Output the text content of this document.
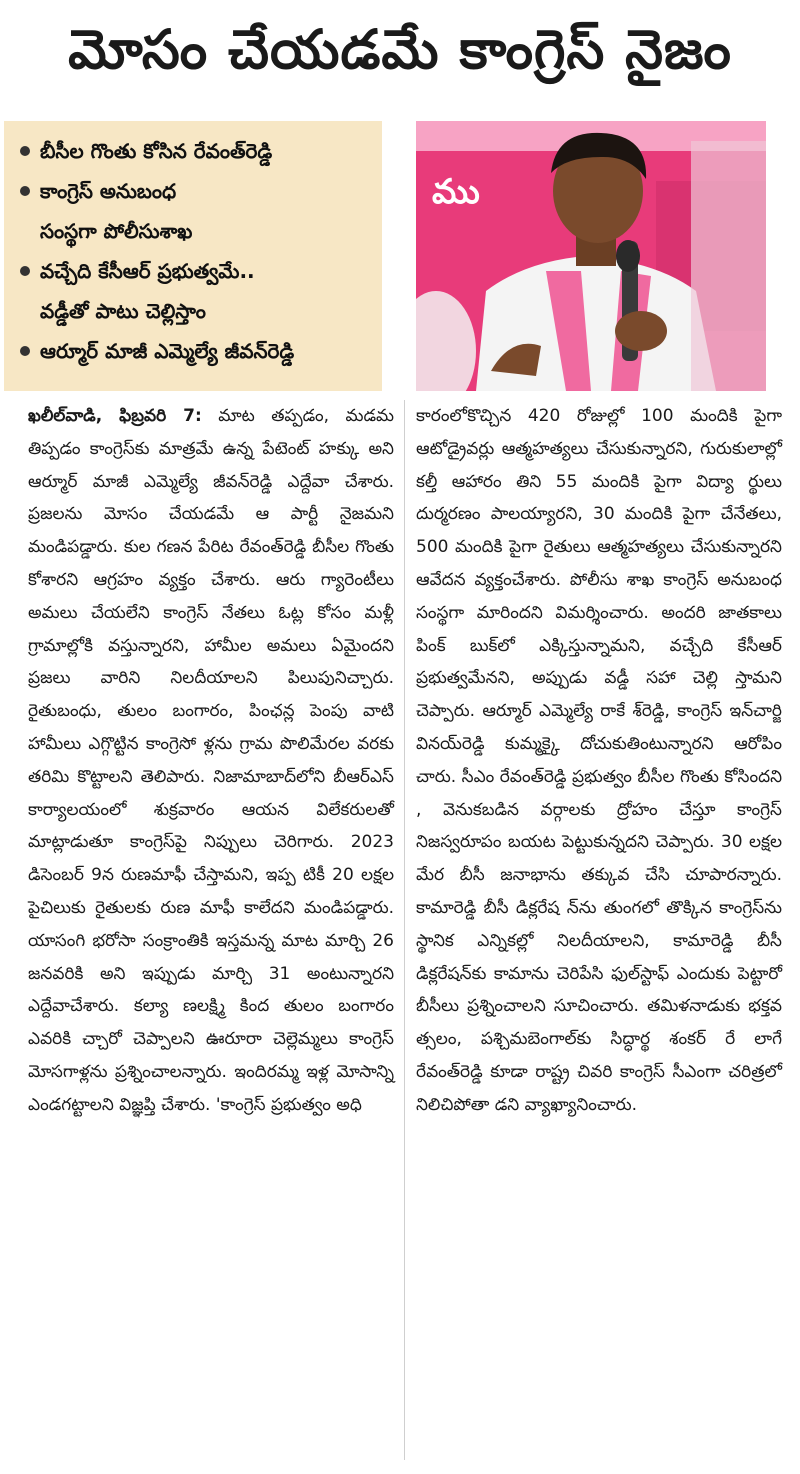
మోసం చేయడమే కాంగ్రెస్ నైజం
బీసీల గొంతు కోసిన రేవంత్‌రెడ్డి
కాంగ్రెస్ అనుబంధ
సంస్థగా పోలీసుశాఖ
వచ్చేది కేసీఆర్ ప్రభుత్వమే..
వడ్డీతో పాటు చెల్లిస్తాం
ఆర్మూర్ మాజీ ఎమ్మెల్యే జీవన్‌రెడ్డి
ము
ఖలీల్‌వాడి, ఫిబ్రవరి 7: మాట తప్పడం, మడమ తిప్పడం కాంగ్రెస్‌కు మాత్రమే ఉన్న పేటెంట్ హక్కు అని ఆర్మూర్ మాజీ ఎమ్మెల్యే జీవన్‌రెడ్డి ఎద్దేవా చేశారు. ప్రజలను మోసం చేయడమే ఆ పార్టీ నైజమని మండిపడ్డారు. కుల గణన పేరిట రేవంత్‌రెడ్డి బీసీల గొంతు కోశారని ఆగ్రహం వ్యక్తం చేశారు. ఆరు గ్యారెంటీలు అమలు చేయలేని కాంగ్రెస్ నేతలు ఓట్ల కోసం మళ్లీ గ్రామాల్లోకి వస్తున్నారని, హామీల అమలు ఏమైందని ప్రజలు వారిని నిలదీయాలని పిలుపునిచ్చారు. రైతుబంధు, తులం బంగారం, పింఛన్ల పెంపు వాటి హామీలు ఎగ్గొట్టిన కాంగ్రెసో ళ్లను గ్రామ పొలిమేరల వరకు తరిమి కొట్టాలని తెలిపారు. నిజామాబాద్‌లోని బీఆర్‌ఎస్ కార్యాలయంలో శుక్రవారం ఆయన విలేకరులతో మాట్లాడుతూ కాంగ్రెస్‌పై నిప్పులు చెరిగారు. 2023 డిసెంబర్ 9న రుణమాఫీ చేస్తామని, ఇప్ప టికీ 20 లక్షల పైచిలుకు రైతులకు రుణ మాఫీ కాలేదని మండిపడ్డారు. యాసంగి భరోసా సంక్రాంతికి ఇస్తమన్న మాట మార్చి 26 జనవరికి అని ఇప్పుడు మార్చి 31 అంటున్నారని ఎద్దేవాచేశారు. కల్యా ణలక్ష్మి కింద తులం బంగారం ఎవరికి చ్చారో చెప్పాలని ఊరూరా చెల్లెమ్మలు కాంగ్రెస్ మోసగాళ్లను ప్రశ్నించాలన్నారు. ఇందిరమ్మ ఇళ్ల మోసాన్ని ఎండగట్టాలని విజ్ఞప్తి చేశారు. 'కాంగ్రెస్ ప్రభుత్వం అధి
కారంలోకొచ్చిన 420 రోజుల్లో 100 మందికి పైగా ఆటోడ్రైవర్లు ఆత్మహత్యలు చేసుకున్నారని, గురుకులాల్లో కల్తీ ఆహారం తిని 55 మందికి పైగా విద్యా ర్థులు దుర్మరణం పాలయ్యారని, 30 మందికి పైగా చేనేతలు, 500 మందికి పైగా రైతులు ఆత్మహత్యలు చేసుకున్నారని ఆవేదన వ్యక్తంచేశారు. పోలీసు శాఖ కాంగ్రెస్ అనుబంధ సంస్థగా మారిందని విమర్శించారు. అందరి జాతకాలు పింక్ బుక్‌లో ఎక్కిస్తున్నామని, వచ్చేది కేసీఆర్ ప్రభుత్వమేనని, అప్పుడు వడ్డీ సహా చెల్లి స్తామని చెప్పారు. ఆర్మూర్ ఎమ్మెల్యే రాకే శ్‌రెడ్డి, కాంగ్రెస్ ఇన్‌చార్జి వినయ్‌రెడ్డి కుమ్మక్కై దోచుకుతింటున్నారని ఆరోపిం చారు. సీఎం రేవంత్‌రెడ్డి ప్రభుత్వం బీసీల గొంతు కోసిందని , వెనుకబడిన వర్గాలకు ద్రోహం చేస్తూ కాంగ్రెస్ నిజస్వరూపం బయట పెట్టుకున్నదని చెప్పారు. 30 లక్షల మేర బీసీ జనాభాను తక్కువ చేసి చూపారన్నారు. కామారెడ్డి బీసీ డిక్లరేష న్‌ను తుంగలో తొక్కిన కాంగ్రెస్‌ను స్థానిక ఎన్నికల్లో నిలదీయాలని, కామారెడ్డి బీసీ డిక్లరేషన్‌కు కామాను చెరిపేసి ఫుల్‌స్టాఫ్ ఎందుకు పెట్టారో బీసీలు ప్రశ్నించాలని సూచించారు. తమిళనాడుకు భక్తవ త్సలం, పశ్చిమబెంగాల్‌కు సిద్ధార్థ శంకర్ రే లాగే రేవంత్‌రెడ్డి కూడా రాష్ట్ర చివరి కాంగ్రెస్ సీఎంగా చరిత్రలో నిలిచిపోతా డని వ్యాఖ్యానించారు.
